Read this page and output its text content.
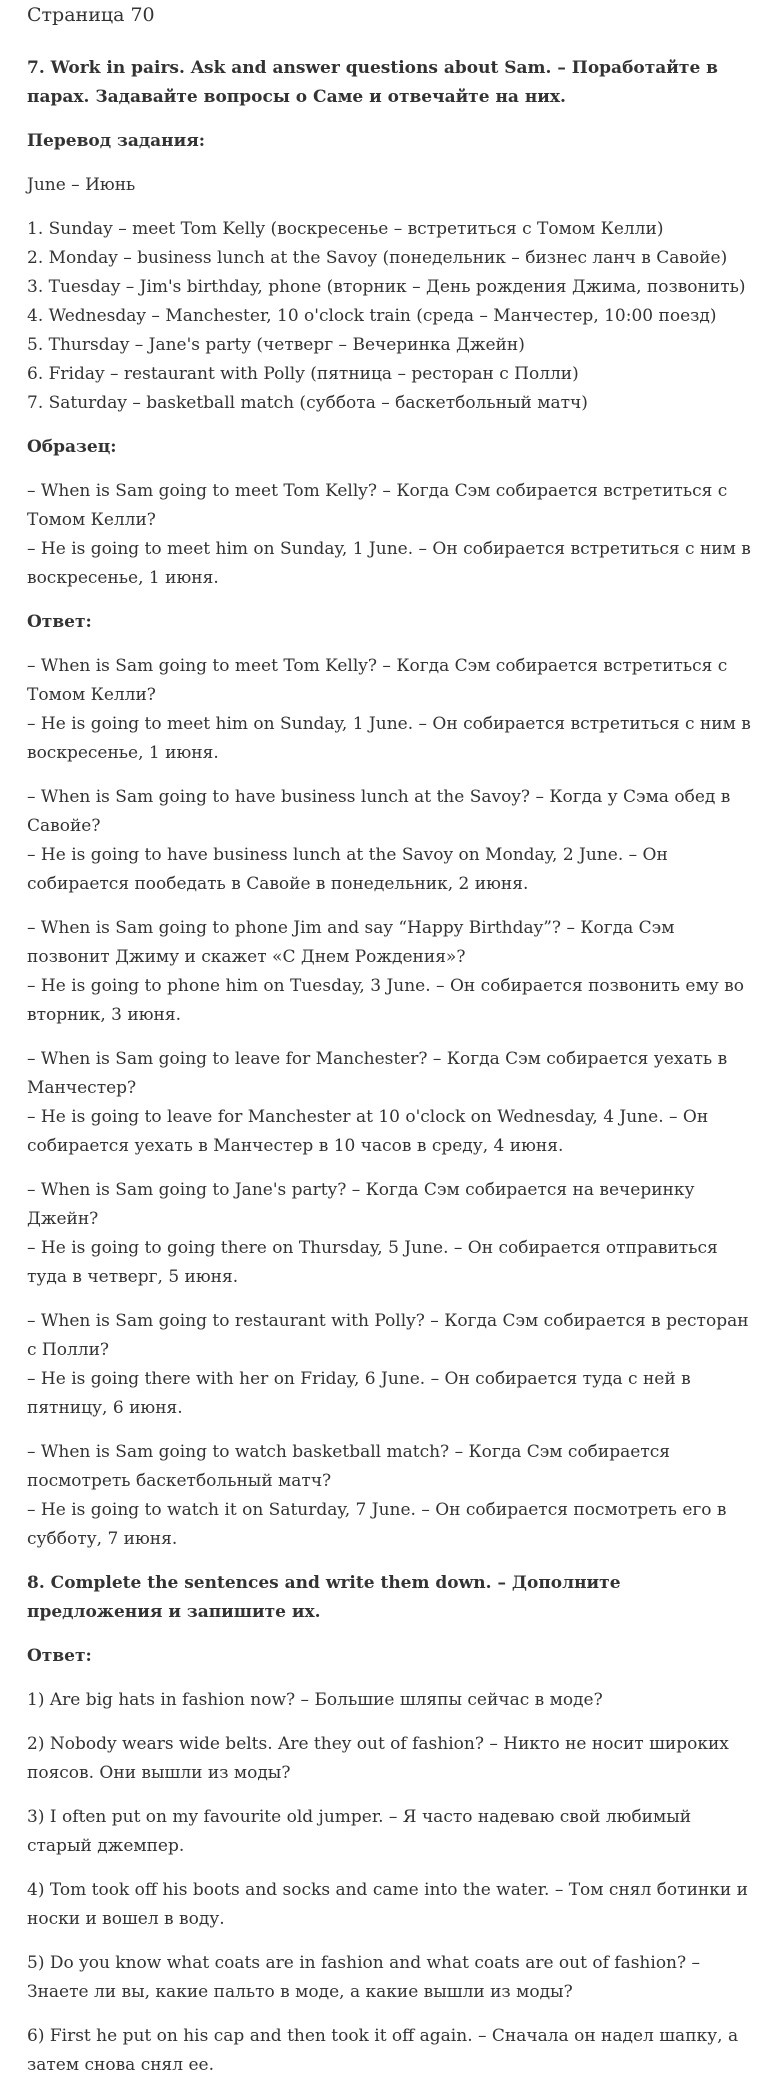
Страница 70
7. Work in pairs. Ask and answer questions about Sam. – Поработайте в парах. Задавайте вопросы о Саме и отвечайте на них.
Перевод задания:
June – Июнь
1. Sunday – meet Tom Kelly (воскресенье – встретиться с Томом Келли)
2. Monday – business lunch at the Savoy (понедельник – бизнес ланч в Савойе)
3. Tuesday – Jim's birthday, phone (вторник – День рождения Джима, позвонить)
4. Wednesday – Manchester, 10 o'clock train (среда – Манчестер, 10:00 поезд)
5. Thursday – Jane's party (четверг – Вечеринка Джейн)
6. Friday – restaurant with Polly (пятница – ресторан с Полли)
7. Saturday – basketball match (суббота – баскетбольный матч)
Образец:
– When is Sam going to meet Tom Kelly? – Когда Сэм собирается встретиться с Томом Келли?
– He is going to meet him on Sunday, 1 June. – Он собирается встретиться с ним в воскресенье, 1 июня.
Ответ:
– When is Sam going to meet Tom Kelly? – Когда Сэм собирается встретиться с Томом Келли?
– He is going to meet him on Sunday, 1 June. – Он собирается встретиться с ним в воскресенье, 1 июня.
– When is Sam going to have business lunch at the Savoy? – Когда у Сэма обед в Савойе?
– He is going to have business lunch at the Savoy on Monday, 2 June. – Он собирается пообедать в Савойе в понедельник, 2 июня.
– When is Sam going to phone Jim and say “Happy Birthday”? – Когда Сэм позвонит Джиму и скажет «С Днем Рождения»?
– He is going to phone him on Tuesday, 3 June. – Он собирается позвонить ему во вторник, 3 июня.
– When is Sam going to leave for Manchester? – Когда Сэм собирается уехать в Манчестер?
– He is going to leave for Manchester at 10 o'clock on Wednesday, 4 June. – Он собирается уехать в Манчестер в 10 часов в среду, 4 июня.
– When is Sam going to Jane's party? – Когда Сэм собирается на вечеринку Джейн?
– He is going to going there on Thursday, 5 June. – Он собирается отправиться туда в четверг, 5 июня.
– When is Sam going to restaurant with Polly? – Когда Сэм собирается в ресторан с Полли?
– He is going there with her on Friday, 6 June. – Он собирается туда с ней в пятницу, 6 июня.
– When is Sam going to watch basketball match? – Когда Сэм собирается посмотреть баскетбольный матч?
– He is going to watch it on Saturday, 7 June. – Он собирается посмотреть его в субботу, 7 июня.
8. Complete the sentences and write them down. – Дополните предложения и запишите их.
Ответ:
1) Are big hats in fashion now? – Большие шляпы сейчас в моде?
2) Nobody wears wide belts. Are they out of fashion? – Никто не носит широких поясов. Они вышли из моды?
3) I often put on my favourite old jumper. – Я часто надеваю свой любимый старый джемпер.
4) Tom took off his boots and socks and came into the water. – Том снял ботинки и носки и вошел в воду.
5) Do you know what coats are in fashion and what coats are out of fashion? – Знаете ли вы, какие пальто в моде, а какие вышли из моды?
6) First he put on his cap and then took it off again. – Сначала он надел шапку, а затем снова снял ее.
